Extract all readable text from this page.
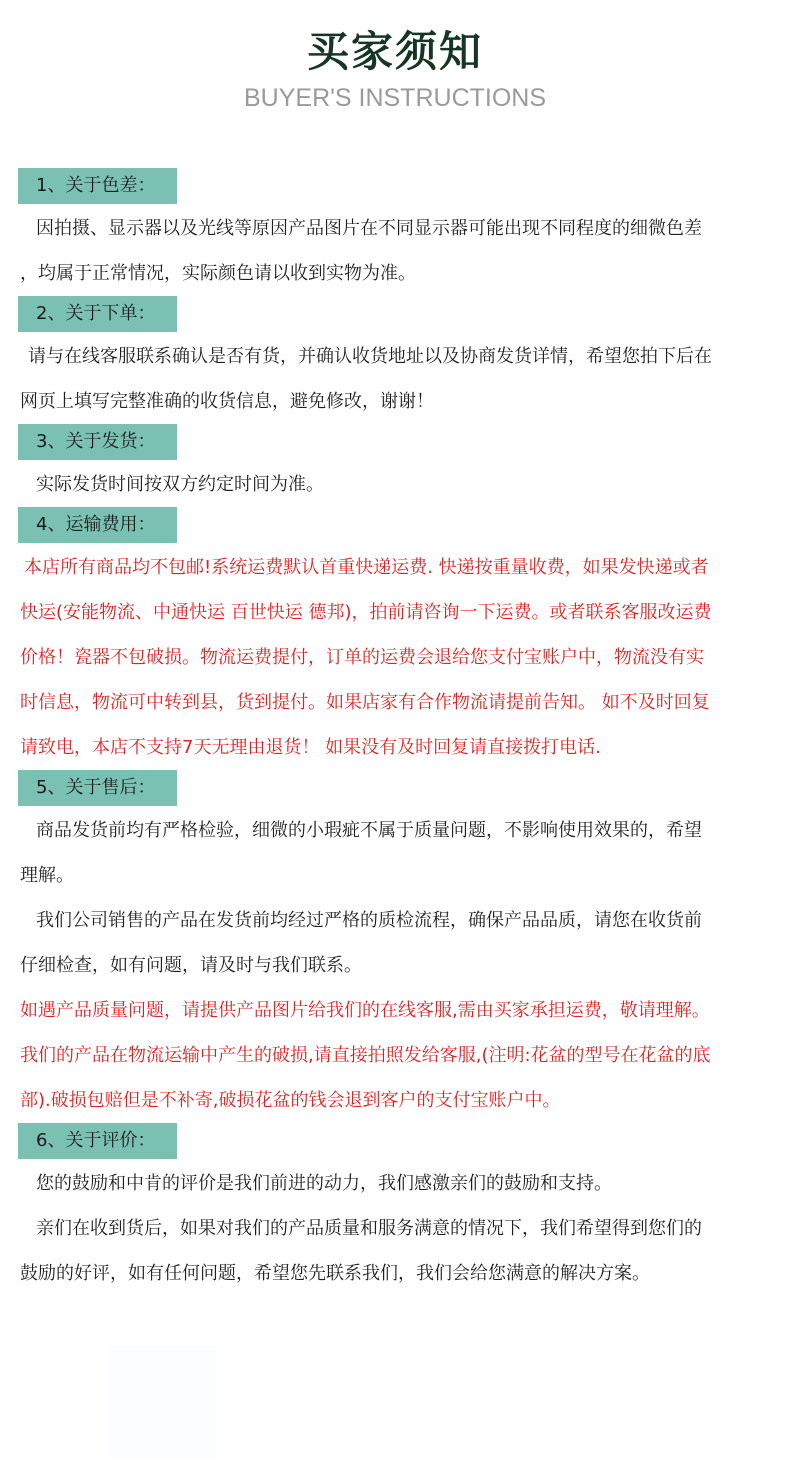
买家须知
BUYER'S INSTRUCTIONS
1、关于色差：
因拍摄、显示器以及光线等原因产品图片在不同显示器可能出现不同程度的细微色差
，均属于正常情况，实际颜色请以收到实物为准。
2、关于下单：
请与在线客服联系确认是否有货，并确认收货地址以及协商发货详情，希望您拍下后在
网页上填写完整准确的收货信息，避免修改，谢谢！
3、关于发货：
实际发货时间按双方约定时间为准。
4、运输费用：
本店所有商品均不包邮!系统运费默认首重快递运费. 快递按重量收费，如果发快递或者
快运(安能物流、中通快运 百世快运 德邦)，拍前请咨询一下运费。或者联系客服改运费
价格！瓷器不包破损。物流运费提付，订单的运费会退给您支付宝账户中，物流没有实
时信息，物流可中转到县，货到提付。如果店家有合作物流请提前告知。 如不及时回复
请致电，本店不支持7天无理由退货！ 如果没有及时回复请直接拨打电话.
5、关于售后：
商品发货前均有严格检验，细微的小瑕疵不属于质量问题，不影响使用效果的，希望
理解。
我们公司销售的产品在发货前均经过严格的质检流程，确保产品品质，请您在收货前
仔细检查，如有问题，请及时与我们联系。
如遇产品质量问题，请提供产品图片给我们的在线客服,需由买家承担运费，敬请理解。
我们的产品在物流运输中产生的破损,请直接拍照发给客服,(注明:花盆的型号在花盆的底
部).破损包赔但是不补寄,破损花盆的钱会退到客户的支付宝账户中。
6、关于评价：
您的鼓励和中肯的评价是我们前进的动力，我们感激亲们的鼓励和支持。
亲们在收到货后，如果对我们的产品质量和服务满意的情况下，我们希望得到您们的
鼓励的好评，如有任何问题，希望您先联系我们，我们会给您满意的解决方案。
